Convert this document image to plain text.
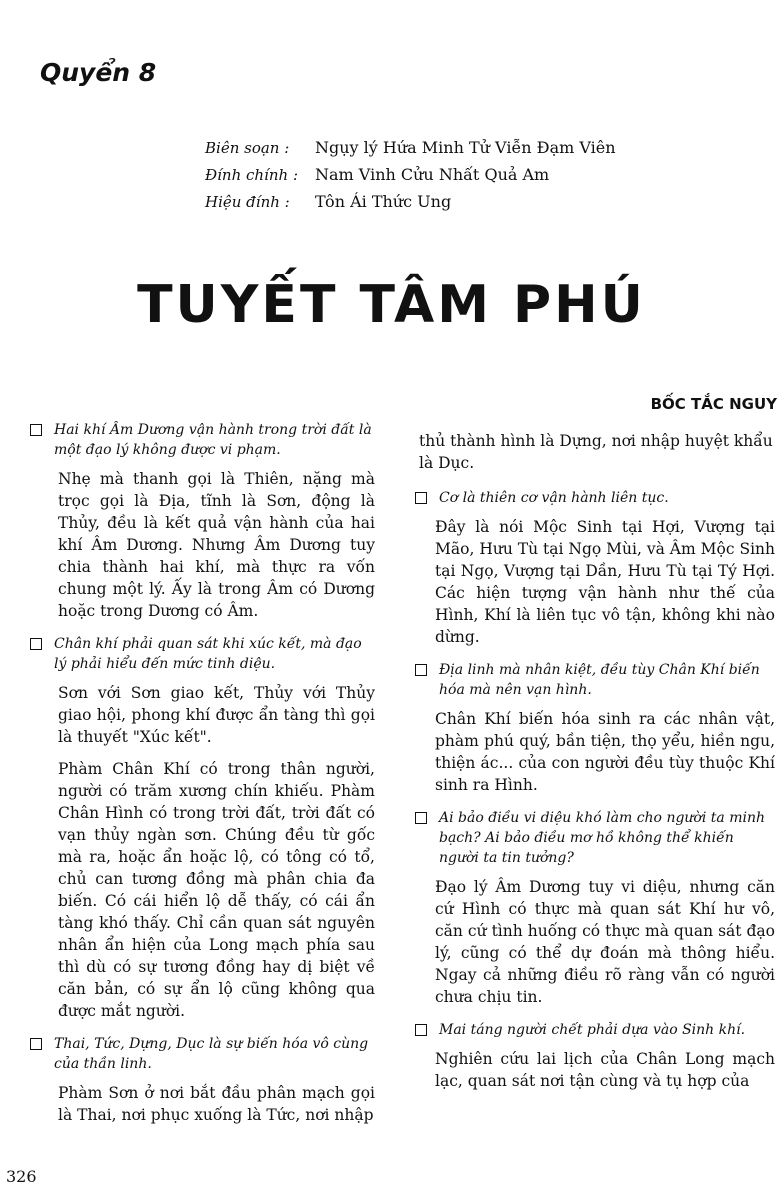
Quyển 8
Biên soạn :	Ngụy lý Hứa Minh Tử Viễn Đạm Viên
Đính chính :	Nam Vinh Cửu Nhất Quả Am
Hiệu đính :	Tôn Ái Thức Ung
TUYẾT TÂM PHÚ
BỐC TẮC NGUY
Hai khí Âm Dương vận hành trong trời đất là một đạo lý không được vi phạm.

Nhẹ mà thanh gọi là Thiên, nặng mà trọc gọi là Địa, tĩnh là Sơn, động là Thủy, đều là kết quả vận hành của hai khí Âm Dương. Nhưng Âm Dương tuy chia thành hai khí, mà thực ra vốn chung một lý. Ấy là trong Âm có Dương hoặc trong Dương có Âm.

Chân khí phải quan sát khi xúc kết, mà đạo lý phải hiểu đến mức tinh diệu.

Sơn với Sơn giao kết, Thủy với Thủy giao hội, phong khí được ẩn tàng thì gọi là thuyết "Xúc kết".

Phàm Chân Khí có trong thân người, người có trăm xương chín khiếu. Phàm Chân Hình có trong trời đất, trời đất có vạn thủy ngàn sơn. Chúng đều từ gốc mà ra, hoặc ẩn hoặc lộ, có tông có tổ, chủ can tương đồng mà phân chia đa biến. Có cái hiển lộ dễ thấy, có cái ẩn tàng khó thấy. Chỉ cần quan sát nguyên nhân ẩn hiện của Long mạch phía sau thì dù có sự tương đồng hay dị biệt về căn bản, có sự ẩn lộ cũng không qua được mắt người.

Thai, Tức, Dựng, Dục là sự biến hóa vô cùng của thần linh.

Phàm Sơn ở nơi bắt đầu phân mạch gọi là Thai, nơi phục xuống là Tức, nơi nhập

thủ thành hình là Dựng, nơi nhập huyệt khẩu là Dục.

Cơ là thiên cơ vận hành liên tục.

Đây là nói Mộc Sinh tại Hợi, Vượng tại Mão, Hưu Tù tại Ngọ Mùi, và Âm Mộc Sinh tại Ngọ, Vượng tại Dần, Hưu Tù tại Tý Hợi. Các hiện tượng vận hành như thế của Hình, Khí là liên tục vô tận, không khi nào dừng.

Địa linh mà nhân kiệt, đều tùy Chân Khí biến hóa mà nên vạn hình.

Chân Khí biến hóa sinh ra các nhân vật, phàm phú quý, bần tiện, thọ yểu, hiền ngu, thiện ác... của con người đều tùy thuộc Khí sinh ra Hình.

Ai bảo điều vi diệu khó làm cho người ta minh bạch? Ai bảo điều mơ hồ không thể khiến người ta tin tưởng?

Đạo lý Âm Dương tuy vi diệu, nhưng căn cứ Hình có thực mà quan sát Khí hư vô, căn cứ tình huống có thực mà quan sát đạo lý, cũng có thể dự đoán mà thông hiểu. Ngay cả những điều rõ ràng vẫn có người chưa chịu tin.

Mai táng người chết phải dựa vào Sinh khí.

Nghiên cứu lai lịch của Chân Long mạch lạc, quan sát nơi tận cùng và tụ hợp của

326
